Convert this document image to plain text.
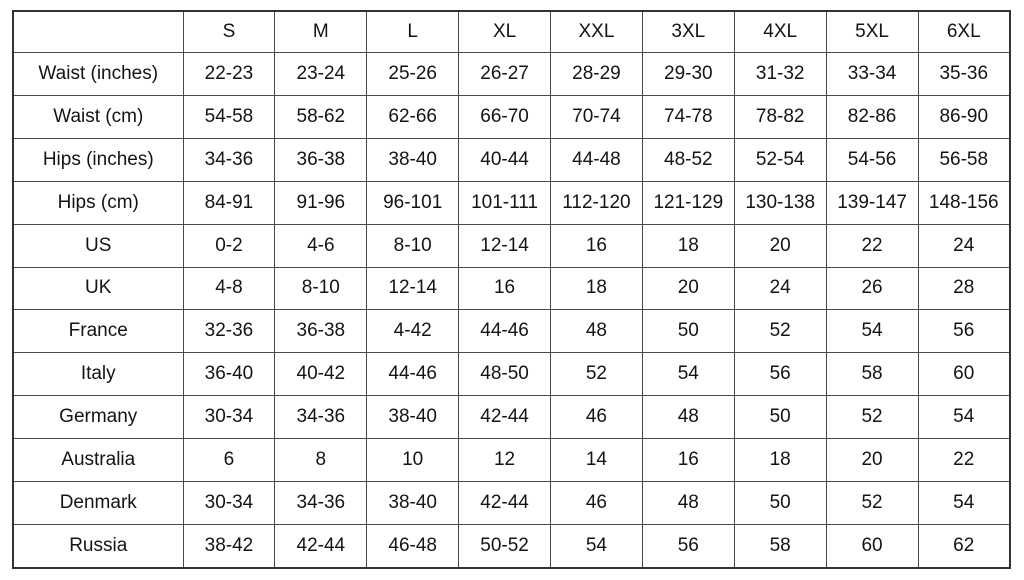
	S	M	L	XL	XXL	3XL	4XL	5XL	6XL
Waist (inches)	22-23	23-24	25-26	26-27	28-29	29-30	31-32	33-34	35-36
Waist (cm)	54-58	58-62	62-66	66-70	70-74	74-78	78-82	82-86	86-90
Hips (inches)	34-36	36-38	38-40	40-44	44-48	48-52	52-54	54-56	56-58
Hips (cm)	84-91	91-96	96-101	101-111	112-120	121-129	130-138	139-147	148-156
US	0-2	4-6	8-10	12-14	16	18	20	22	24
UK	4-8	8-10	12-14	16	18	20	24	26	28
France	32-36	36-38	4-42	44-46	48	50	52	54	56
Italy	36-40	40-42	44-46	48-50	52	54	56	58	60
Germany	30-34	34-36	38-40	42-44	46	48	50	52	54
Australia	6	8	10	12	14	16	18	20	22
Denmark	30-34	34-36	38-40	42-44	46	48	50	52	54
Russia	38-42	42-44	46-48	50-52	54	56	58	60	62
